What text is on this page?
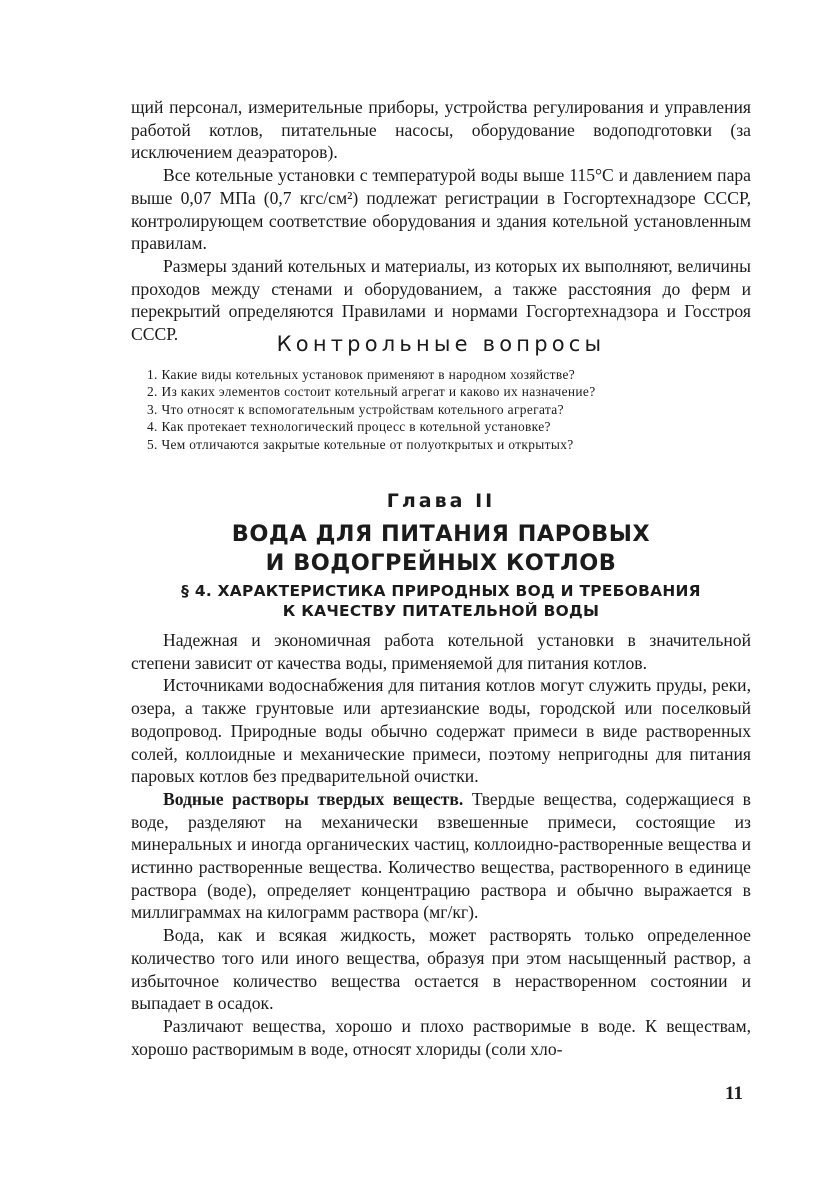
щий персонал, измерительные приборы, устройства регулирования и управления работой котлов, питательные насосы, оборудование водоподготовки (за исключением деаэраторов).

Все котельные установки с температурой воды выше 115°С и давлением пара выше 0,07 МПа (0,7 кгс/см²) подлежат регистрации в Госгортехнадзоре СССР, контролирующем соответствие оборудования и здания котельной установленным правилам.

Размеры зданий котельных и материалы, из которых их выполняют, величины проходов между стенами и оборудованием, а также расстояния до ферм и перекрытий определяются Правилами и нормами Госгортехнадзора и Госстроя СССР.	Контрольные вопросы
1. Какие виды котельных установок применяют в народном хозяйстве?
2. Из каких элементов состоит котельный агрегат и каково их назначение?
3. Что относят к вспомогательным устройствам котельного агрегата?
4. Как протекает технологический процесс в котельной установке?
5. Чем отличаются закрытые котельные от полуоткрытых и открытых?

Глава II

ВОДА ДЛЯ ПИТАНИЯ ПАРОВЫХ

И ВОДОГРЕЙНЫХ КОТЛОВ

§ 4. ХАРАКТЕРИСТИКА ПРИРОДНЫХ ВОД И ТРЕБОВАНИЯ

К КАЧЕСТВУ ПИТАТЕЛЬНОЙ ВОДЫ

Надежная и экономичная работа котельной установки в значительной степени зависит от качества воды, применяемой для питания котлов.

Источниками водоснабжения для питания котлов могут служить пруды, реки, озера, а также грунтовые или артезианские воды, городской или поселковый водопровод. Природные воды обычно содержат примеси в виде растворенных солей, коллоидные и механические примеси, поэтому непригодны для питания паровых котлов без предварительной очистки.

Водные растворы твердых веществ. Твердые вещества, содержащиеся в воде, разделяют на механически взвешенные примеси, состоящие из минеральных и иногда органических частиц, коллоидно-растворенные вещества и истинно растворенные вещества. Количество вещества, растворенного в единице раствора (воде), определяет концентрацию раствора и обычно выражается в миллиграммах на килограмм раствора (мг/кг).

Вода, как и всякая жидкость, может растворять только определенное количество того или иного вещества, образуя при этом насыщенный раствор, а избыточное количество вещества остается в нерастворенном состоянии и выпадает в осадок.

Различают вещества, хорошо и плохо растворимые в воде. К веществам, хорошо растворимым в воде, относят хлориды (соли хло-

11
